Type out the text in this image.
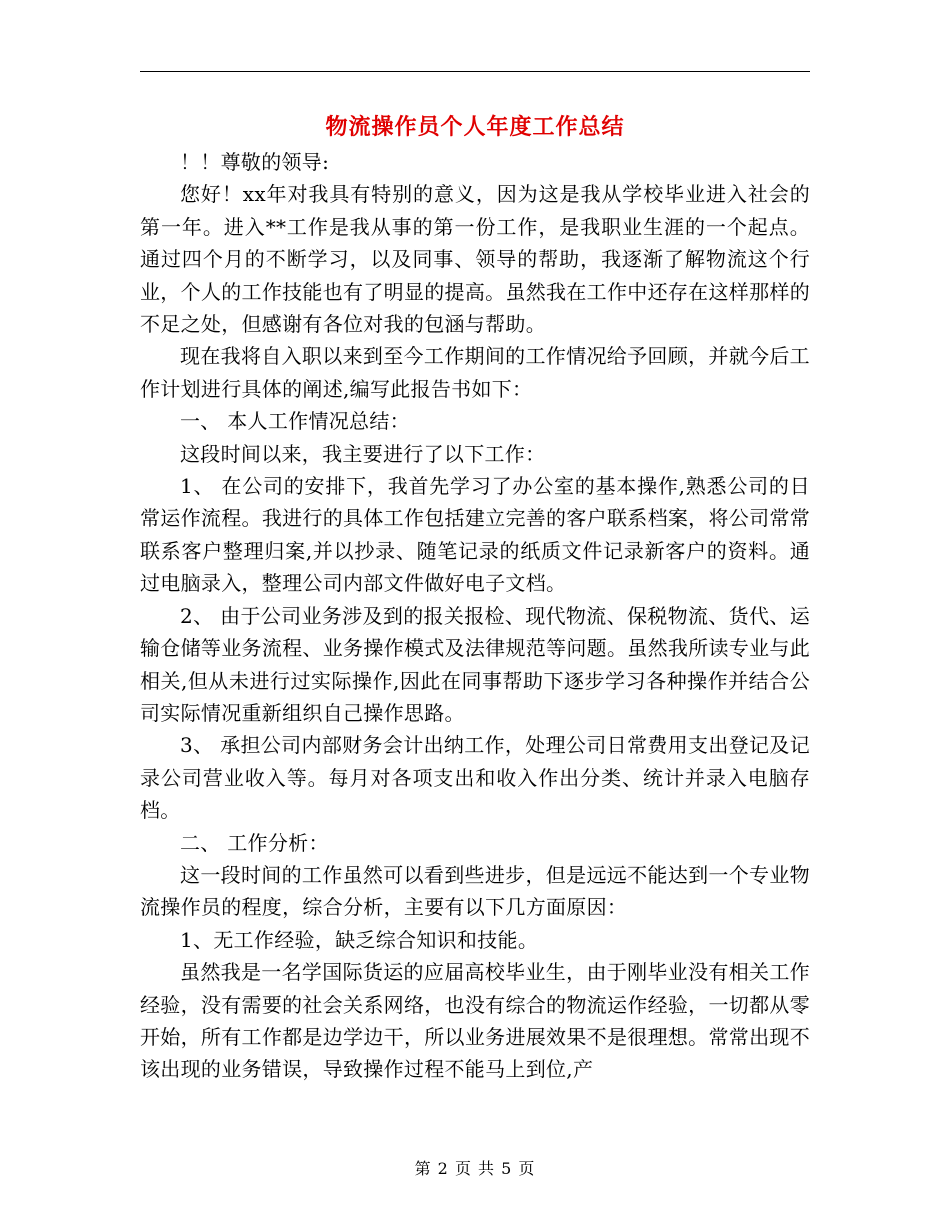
物流操作员个人年度工作总结

！！尊敬的领导:

您好！xx年对我具有特别的意义，因为这是我从学校毕业进入社会的第一年。进入**工作是我从事的第一份工作，是我职业生涯的一个起点。通过四个月的不断学习，以及同事、领导的帮助，我逐渐了解物流这个行业，个人的工作技能也有了明显的提高。虽然我在工作中还存在这样那样的不足之处，但感谢有各位对我的包涵与帮助。

现在我将自入职以来到至今工作期间的工作情况给予回顾，并就今后工作计划进行具体的阐述,编写此报告书如下：

一、 本人工作情况总结：

这段时间以来，我主要进行了以下工作：

1、 在公司的安排下，我首先学习了办公室的基本操作,熟悉公司的日常运作流程。我进行的具体工作包括建立完善的客户联系档案，将公司常常联系客户整理归案,并以抄录、随笔记录的纸质文件记录新客户的资料。通过电脑录入，整理公司内部文件做好电子文档。

2、 由于公司业务涉及到的报关报检、现代物流、保税物流、货代、运输仓储等业务流程、业务操作模式及法律规范等问题。虽然我所读专业与此相关,但从未进行过实际操作,因此在同事帮助下逐步学习各种操作并结合公司实际情况重新组织自己操作思路。

3、 承担公司内部财务会计出纳工作，处理公司日常费用支出登记及记录公司营业收入等。每月对各项支出和收入作出分类、统计并录入电脑存档。

二、 工作分析：

这一段时间的工作虽然可以看到些进步，但是远远不能达到一个专业物流操作员的程度，综合分析，主要有以下几方面原因：

1、无工作经验，缺乏综合知识和技能。

虽然我是一名学国际货运的应届高校毕业生，由于刚毕业没有相关工作经验，没有需要的社会关系网络，也没有综合的物流运作经验，一切都从零开始，所有工作都是边学边干，所以业务进展效果不是很理想。常常出现不该出现的业务错误，导致操作过程不能马上到位,产

第 2 页 共 5 页
